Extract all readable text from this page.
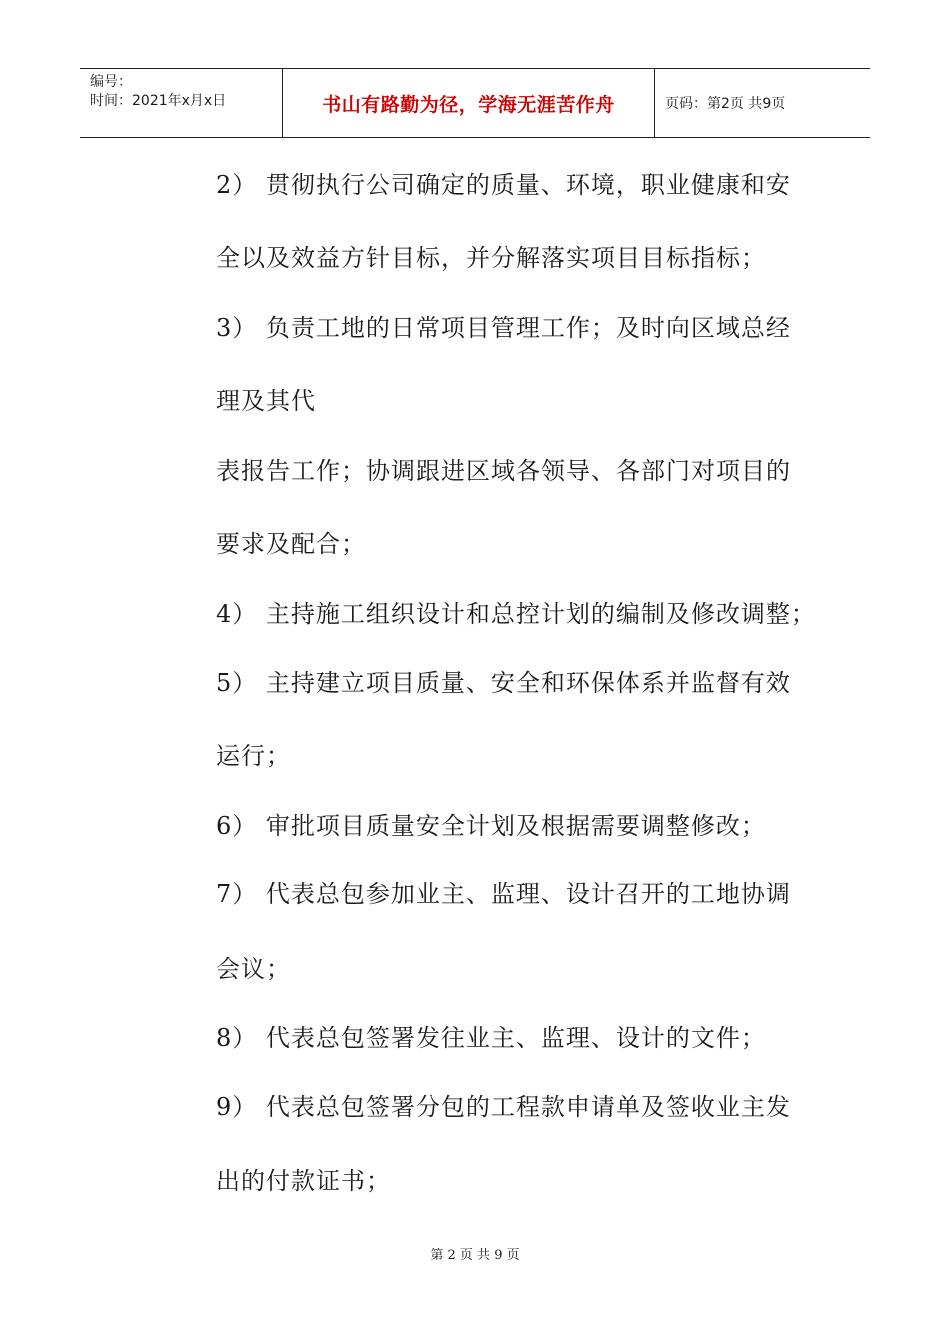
编号：
时间：2021年x月x日	书山有路勤为径，学海无涯苦作舟	页码：第2页 共9页
2） 贯彻执行公司确定的质量、环境，职业健康和安
全以及效益方针目标，并分解落实项目目标指标；
3） 负责工地的日常项目管理工作；及时向区域总经
理及其代
表报告工作；协调跟进区域各领导、各部门对项目的
要求及配合；
4） 主持施工组织设计和总控计划的编制及修改调整；
5） 主持建立项目质量、安全和环保体系并监督有效
运行；
6） 审批项目质量安全计划及根据需要调整修改；
7） 代表总包参加业主、监理、设计召开的工地协调
会议；
8） 代表总包签署发往业主、监理、设计的文件；
9） 代表总包签署分包的工程款申请单及签收业主发
出的付款证书；
第 2 页 共 9 页
